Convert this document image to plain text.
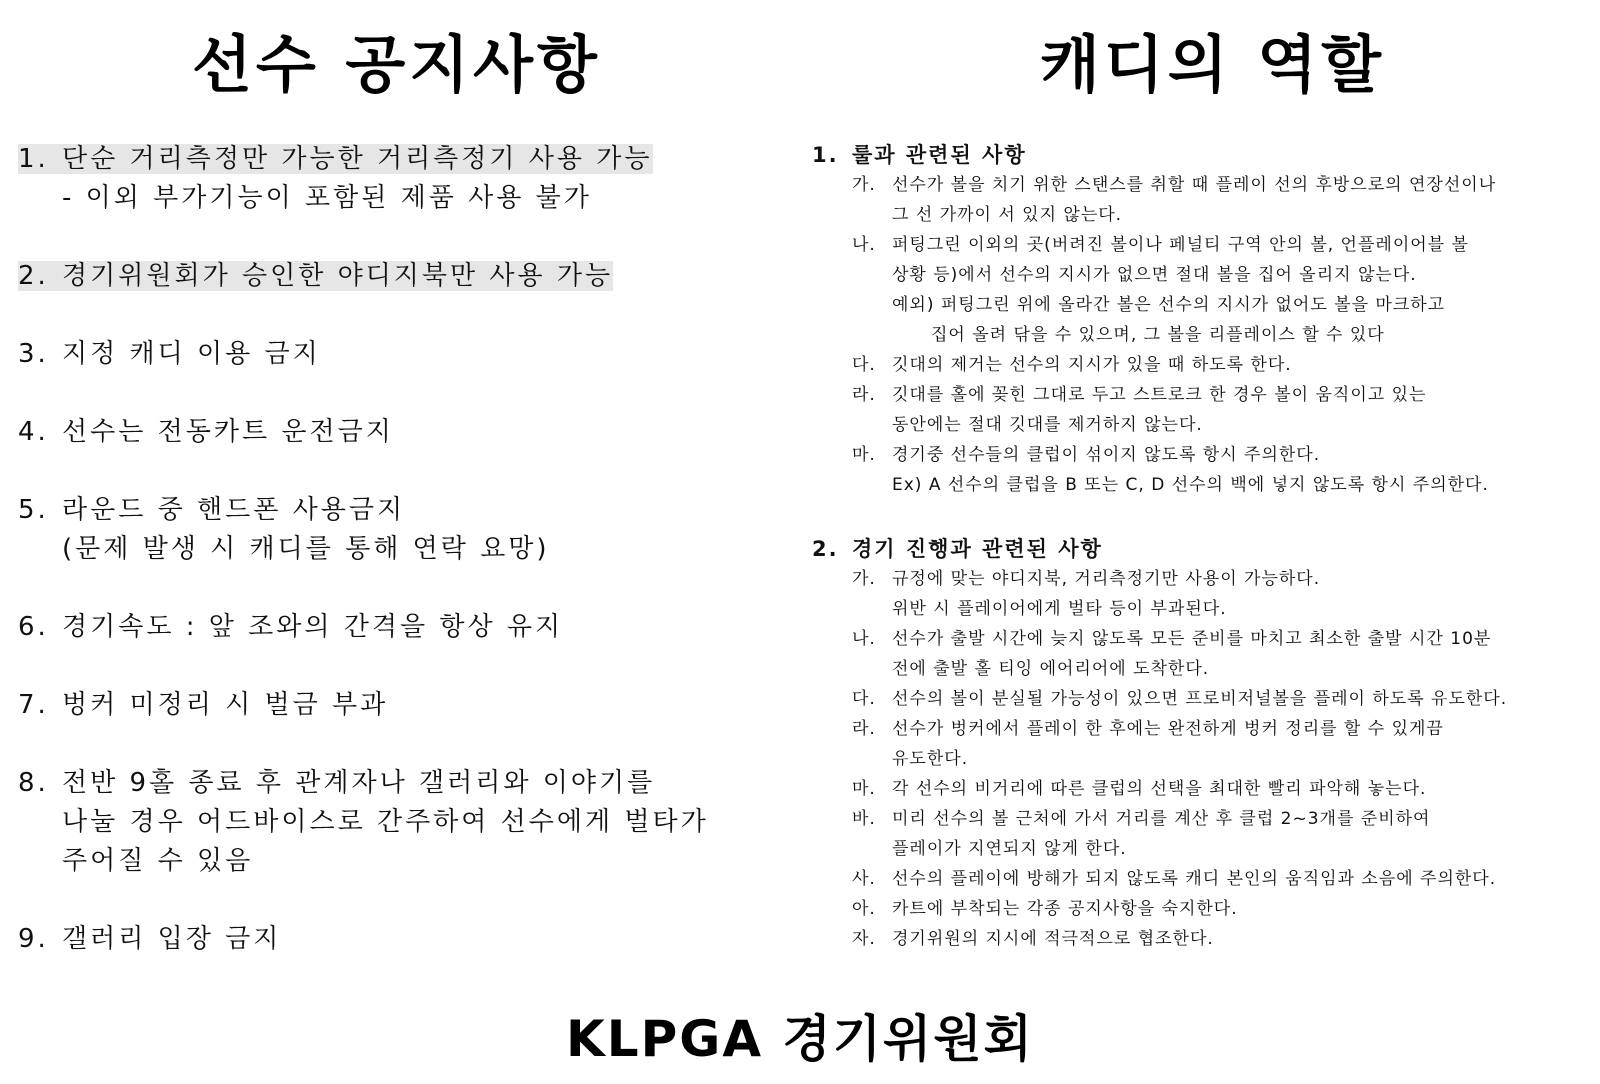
선수 공지사항	캐디의 역할
1. 단순 거리측정만 가능한 거리측정기 사용 가능
- 이외 부가기능이 포함된 제품 사용 불가
2. 경기위원회가 승인한 야디지북만 사용 가능
3. 지정 캐디 이용 금지
4. 선수는 전동카트 운전금지
5. 라운드 중 핸드폰 사용금지
(문제 발생 시 캐디를 통해 연락 요망)
6. 경기속도 : 앞 조와의 간격을 항상 유지
7. 벙커 미정리 시 벌금 부과
8. 전반 9홀 종료 후 관계자나 갤러리와 이야기를
나눌 경우 어드바이스로 간주하여 선수에게 벌타가
주어질 수 있음
9. 갤러리 입장 금지

1. 룰과 관련된 사항

가. 선수가 볼을 치기 위한 스탠스를 취할 때 플레이 선의 후방으로의 연장선이나
그 선 가까이 서 있지 않는다.
나. 퍼팅그린 이외의 곳(버려진 볼이나 페널티 구역 안의 볼, 언플레이어블 볼
상황 등)에서 선수의 지시가 없으면 절대 볼을 집어 올리지 않는다.
예외) 퍼팅그린 위에 올라간 볼은 선수의 지시가 없어도 볼을 마크하고
집어 올려 닦을 수 있으며, 그 볼을 리플레이스 할 수 있다
다. 깃대의 제거는 선수의 지시가 있을 때 하도록 한다.
라. 깃대를 홀에 꽂힌 그대로 두고 스트로크 한 경우 볼이 움직이고 있는
동안에는 절대 깃대를 제거하지 않는다.
마. 경기중 선수들의 클럽이 섞이지 않도록 항시 주의한다.
Ex) A 선수의 클럽을 B 또는 C, D 선수의 백에 넣지 않도록 항시 주의한다.

2. 경기 진행과 관련된 사항

가. 규정에 맞는 야디지북, 거리측정기만 사용이 가능하다.
위반 시 플레이어에게 벌타 등이 부과된다.
나. 선수가 출발 시간에 늦지 않도록 모든 준비를 마치고 최소한 출발 시간 10분
전에 출발 홀 티잉 에어리어에 도착한다.
다. 선수의 볼이 분실될 가능성이 있으면 프로비저널볼을 플레이 하도록 유도한다.
라. 선수가 벙커에서 플레이 한 후에는 완전하게 벙커 정리를 할 수 있게끔
유도한다.
마. 각 선수의 비거리에 따른 클럽의 선택을 최대한 빨리 파악해 놓는다.
바. 미리 선수의 볼 근처에 가서 거리를 계산 후 클럽 2~3개를 준비하여
플레이가 지연되지 않게 한다.
사. 선수의 플레이에 방해가 되지 않도록 캐디 본인의 움직임과 소음에 주의한다.
아. 카트에 부착되는 각종 공지사항을 숙지한다.
자. 경기위원의 지시에 적극적으로 협조한다.
KLPGA 경기위원회
